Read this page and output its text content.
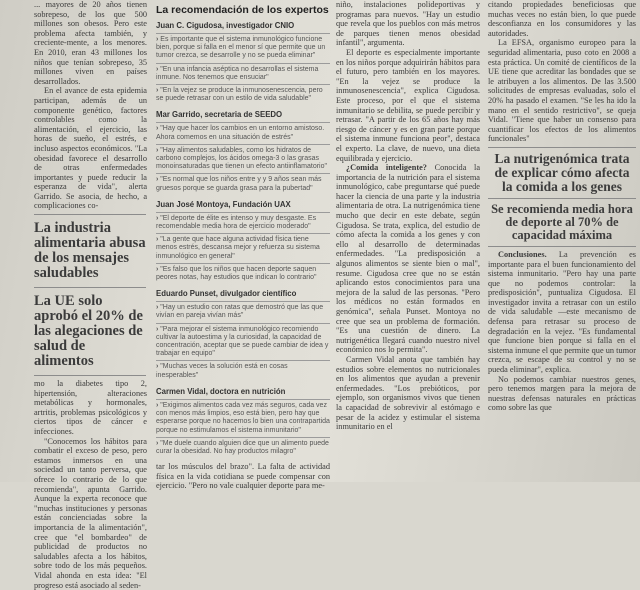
... mayores de 20 años tienen sobrepeso, de los que 500 millones son obesos. Pero este problema afecta también, y creciente-mente, a los menores. En 2010, eran 43 millones los niños que tenían sobrepeso, 35 millones viven en países desarrollados.

En el avance de esta epidemia participan, además de un componente genético, factores controlables como la alimentación, el ejercicio, las horas de sueño, el estrés, e incluso aspectos económicos. "La obesidad favorece el desarrollo de otras enfermedades importantes y puede reducir la esperanza de vida", alerta Garrido. Se asocia, de hecho, a complicaciones co-

La industria alimentaria abusa de los mensajes saludables
La UE solo aprobó el 20% de las alegaciones de salud de alimentos

mo la diabetes tipo 2, hipertensión, alteraciones metabólicas y hormonales, artritis, problemas psicológicos y ciertos tipos de cáncer e infecciones.

"Conocemos los hábitos para combatir el exceso de peso, pero estamos inmersos en una sociedad un tanto perversa, que ofrece lo contrario de lo que recomienda", apunta Garrido. Aunque la experta reconoce que "muchas instituciones y personas están concienciadas sobre la importancia de la alimentación", cree que "el bombardeo" de publicidad de productos no saludables afecta a los hábitos, sobre todo de los más pequeños. Vidal ahonda en esta idea: "El progreso está asociado al seden-

La recomendación de los expertos
Juan C. Cigudosa, investigador CNIO
› Es importante que el sistema inmunológico funcione bien, porque si falla en el menor sí que permite que un tumor crezca, se desarrolle y no se pueda eliminar"
› "En una infancia aséptica no desarrollas el sistema inmune. Nos tenemos que ensuciar"
› "En la vejez se produce la inmunosenescencia, pero se puede retrasar con un estilo de vida saludable"
Mar Garrido, secretaria de SEEDO
› "Hay que hacer los cambios en un entorno amistoso. Ahora comemos en una situación de estrés"
› "Hay alimentos saludables, como los hidratos de carbono complejos, los ácidos omega-3 o las grasas monoinsaturadas que tienen un efecto antiinflamatorio"
› "Es normal que los niños entre y y 9 años sean más gruesos porque se guarda grasa para la pubertad"
Juan José Montoya, Fundación UAX
› "El deporte de élite es intenso y muy desgaste. Es recomendable media hora de ejercicio moderado"
› "La gente que hace alguna actividad física tiene menos estrés, descansa mejor y refuerza su sistema inmunológico en general"
› "Es falso que los niños que hacen deporte saquen peores notas, hay estudios que indican lo contrario"
Eduardo Punset, divulgador científico
› "Hay un estudio con ratas que demostró que las que vivían en pareja vivían más"
› "Para mejorar el sistema inmunológico recomiendo cultivar la autoestima y la curiosidad, la capacidad de concentración, aceptar que se puede cambiar de idea y trabajar en equipo"
› "Muchas veces la solución está en cosas inesperables"
Carmen Vidal, doctora en nutrición
› "Exigimos alimentos cada vez más seguros, cada vez con menos más limpios, eso está bien, pero hay que esperarse porque no hacemos lo bien una contrapartida porque no estimulamos el sistema inmunitario"
› "Me duele cuando alguien dice que un alimento puede curar la obesidad. No hay productos milagro"

tar los músculos del brazo". La falta de actividad física en la vida cotidiana se puede compensar con ejercicio. "Pero no vale cualquier deporte para me-

niño, instalaciones polideportivas y programas para nuevos. "Hay un estudio que revela que los pueblos con más metros de parques tienen menos obesidad infantil", argumenta.

El deporte es especialmente importante en los niños porque adquirirán hábitos para el futuro, pero también en los mayores. "En la vejez se produce la inmunosenescencia", explica Cigudosa. Este proceso, por el que el sistema inmunitario se debilita, se puede percibir y retrasar. "A partir de los 65 años hay más riesgo de cáncer y es en gran parte porque el sistema inmune funciona peor", destaca el experto. La clave, de nuevo, una dieta equilibrada y ejercicio.

¿Comida inteligente? Conocida la importancia de la nutrición para el sistema inmunológico, cabe preguntarse qué puede hacer la ciencia de una parte y la industria alimentaria de otra. La nutrigenómica tiene mucho que decir en este debate, según Cigudosa. Se trata, explica, del estudio de cómo afecta la comida a los genes y con ello al desarrollo de determinadas enfermedades. "La predisposición a algunos alimentos se siente bien o mal", resume. Cigudosa cree que no se están aplicando estos conocimientos para una mejora de la salud de las personas. "Pero los médicos no están formados en genómica", señala Punset. Montoya no cree que sea un problema de formación. "Es una cuestión de dinero. La nutrigenética llegará cuando nuestro nivel económico nos lo permita".

Carmen Vidal anota que también hay estudios sobre elementos no nutricionales en los alimentos que ayudan a prevenir enfermedades. "Los prebióticos, por ejemplo, son organismos vivos que tienen la capacidad de sobrevivir al estómago e pesar de la acidez y estimular el sistema inmunitario en el

citando propiedades beneficiosas que muchas veces no están bien, lo que puede desconfianza en los consumidores y las autoridades.

La EFSA, organismo europeo para la seguridad alimentaria, puso coto en 2008 a esta práctica. Un comité de científicos de la UE tiene que acreditar las bondades que se le atribuyen a los alimentos. De las 3.500 solicitudes de empresas evaluadas, solo el 20% ha pasado el examen. "Se les ha ido la mano en el sentido restrictivo", se queja Vidal. "Tiene que haber un consenso para cuantificar los efectos de los alimentos funcionales"

La nutrigenómica trata de explicar cómo afecta la comida a los genes
Se recomienda media hora de deporte al 70% de capacidad máxima

Conclusiones. La prevención es importante para el buen funcionamiento del sistema inmunitario. "Pero hay una parte que no podemos controlar: la predisposición", puntualiza Cigudosa. El investigador invita a retrasar con un estilo de vida saludable —este mecanismo de defensa para retrasar su proceso de degradación en la vejez. "Es fundamental que funcione bien porque si falla en el sistema inmune el que permite que un tumor crezca, se escape de su control y no se pueda eliminar", explica.

No podemos cambiar nuestros genes, pero tenemos margen para la mejora de nuestras defensas naturales en prácticas como sobre las que
